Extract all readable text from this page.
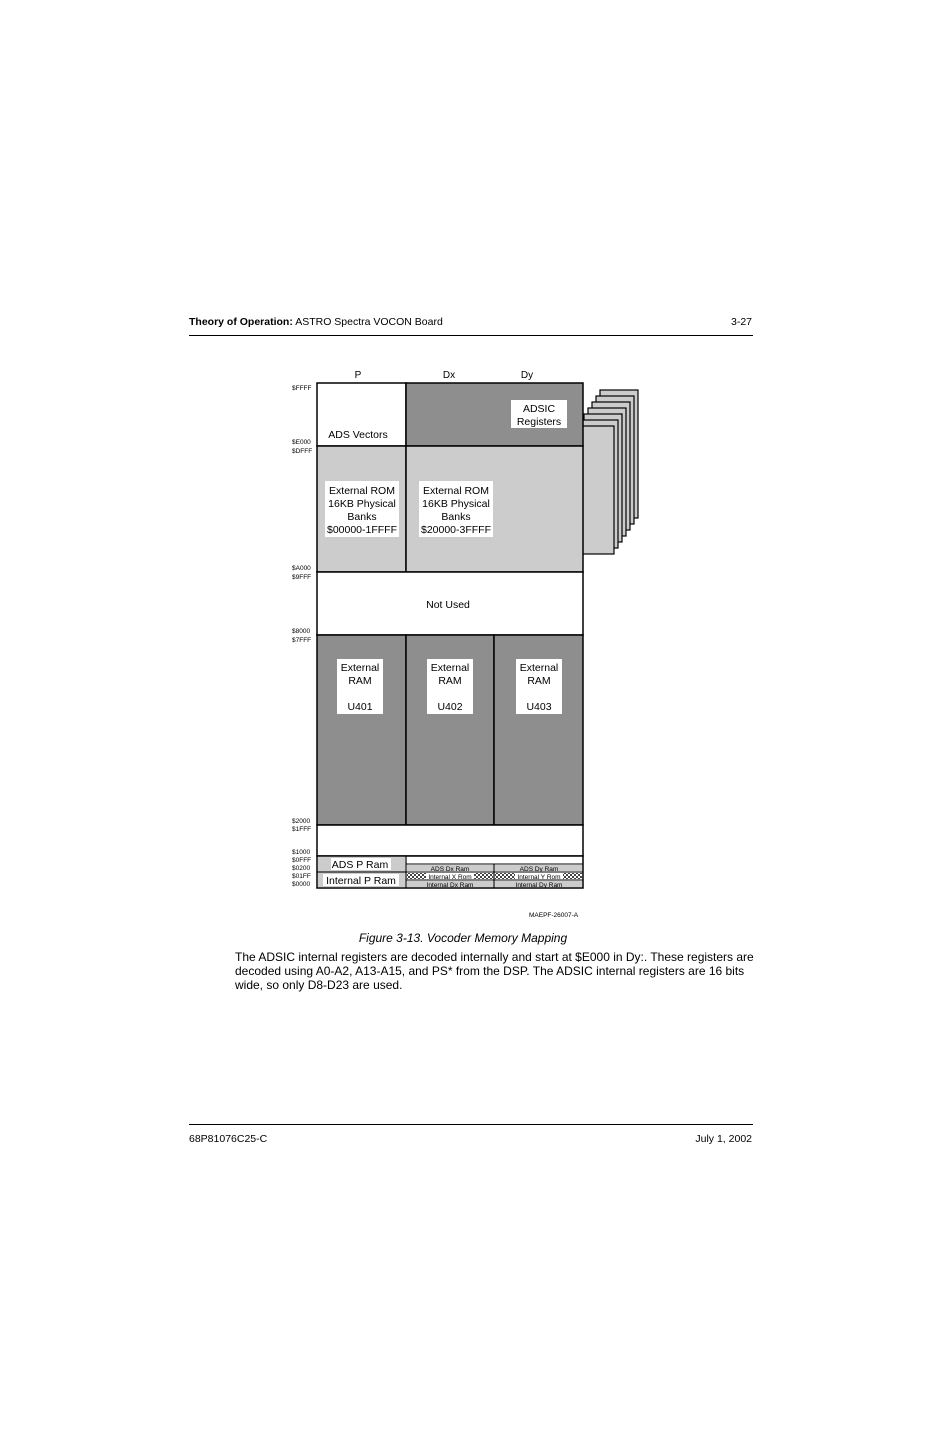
Theory of Operation: ASTRO Spectra VOCON Board	3-27
P	Dx	Dy
ADS Vectors
ADSIC
Registers
External ROM
16KB Physical
Banks
$00000-1FFFF
External ROM
16KB Physical
Banks
$20000-3FFFF
Not Used
External
RAM
U401
External
RAM
U402
External
RAM
U403
ADS P Ram
Internal P Ram
ADS Dx Ram	ADS Dy Ram
Internal X Rom	Internal Y Rom
Internal Dx Ram	Internal Dy Ram
$FFFF
$E000
$DFFF
$A000
$9FFF
$8000
$7FFF
$2000
$1FFF
$1000
$0FFF
$0200
$01FF
$0000
MAEPF-26007-A
Figure 3-13. Vocoder Memory Mapping
The ADSIC internal registers are decoded internally and start at $E000 in Dy:. These registers are decoded using A0-A2, A13-A15, and PS* from the DSP. The ADSIC internal registers are 16 bits wide, so only D8-D23 are used.
68P81076C25-C	July 1, 2002
